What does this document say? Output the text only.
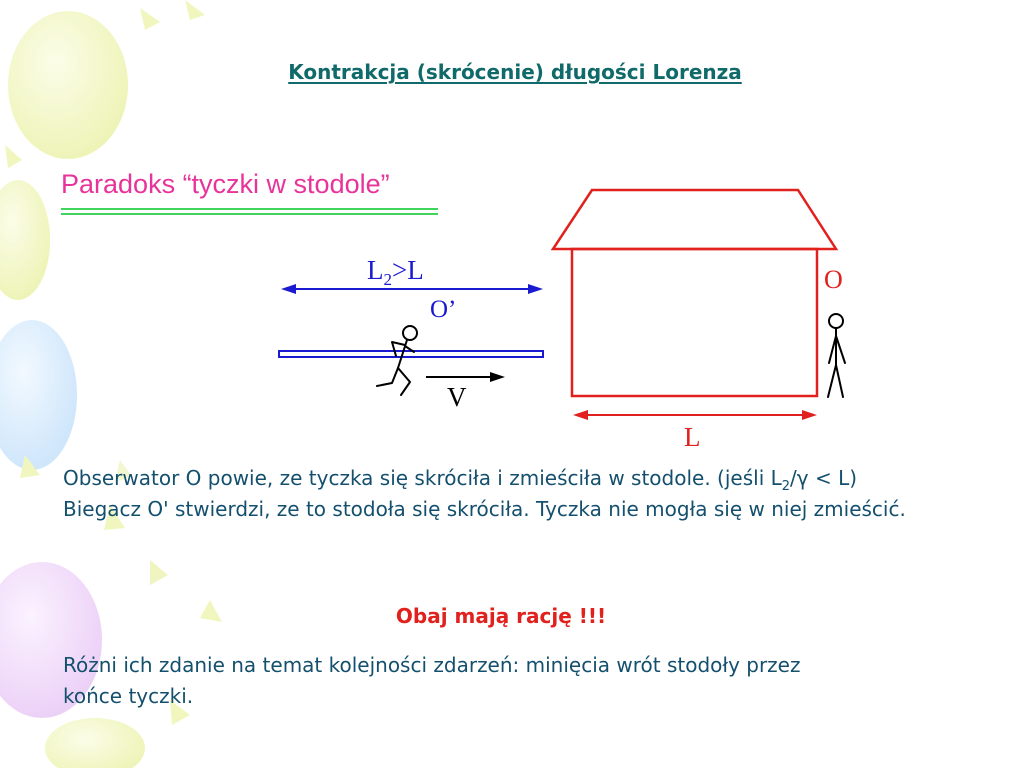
Kontrakcja (skrócenie) długości Lorenza
Paradoks “tyczki w stodole”
$L_2>L$
O’
V
O
L
Obserwator O powie, ze tyczka się skróciła i zmieściła w stodole. (jeśli $L_2/\gamma < L$)
Biegacz O' stwierdzi, ze to stodoła się skróciła. Tyczka nie mogła się w niej zmieścić.
Obaj mają rację !!!
Różni ich zdanie na temat kolejności zdarzeń: minięcia wrót stodoły przez końce tyczki.
